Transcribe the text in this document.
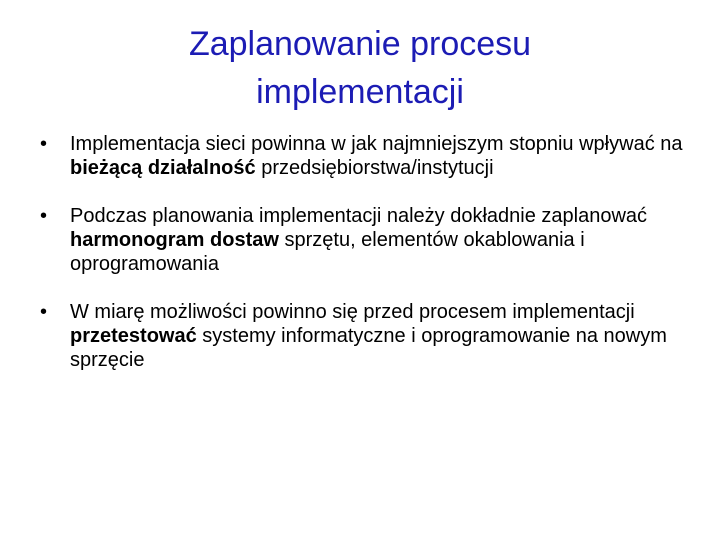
Zaplanowanie procesu
implementacji
•	Implementacja sieci powinna w jak najmniejszym stopniu wpływać na bieżącą działalność przedsiębiorstwa/instytucji
•	Podczas planowania implementacji należy dokładnie zaplanować harmonogram dostaw sprzętu, elementów okablowania i oprogramowania
•	W miarę możliwości powinno się przed procesem implementacji przetestować systemy informatyczne i oprogramowanie na nowym sprzęcie
